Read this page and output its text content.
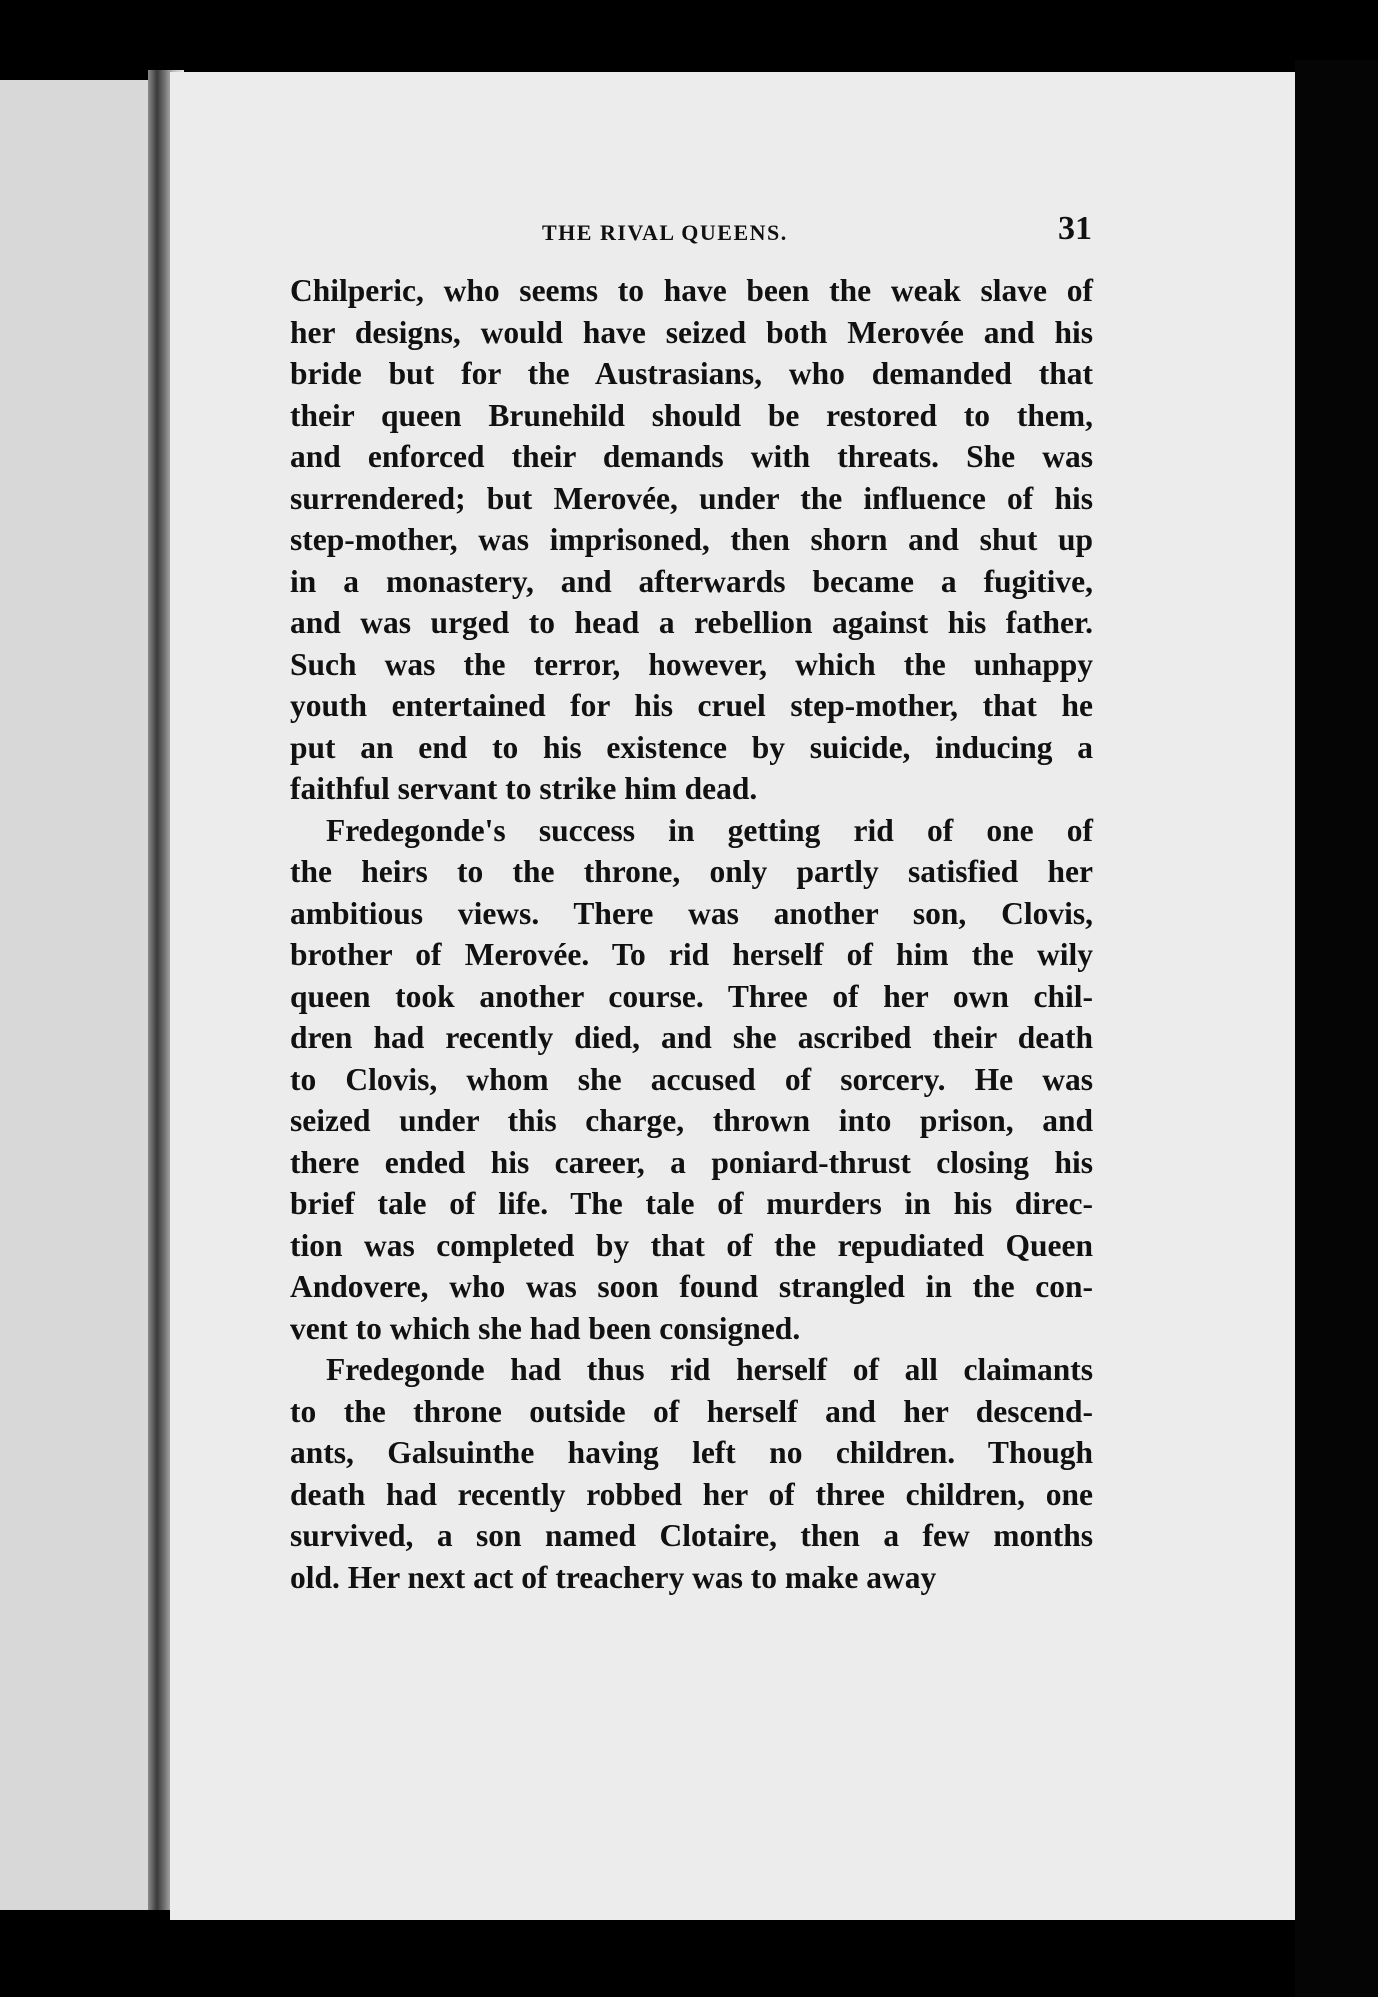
THE RIVAL QUEENS.	31
Chilperic, who seems to have been the weak slave of
her designs, would have seized both Merovée and his
bride but for the Austrasians, who demanded that
their queen Brunehild should be restored to them,
and enforced their demands with threats. She was
surrendered; but Merovée, under the influence of his
step-mother, was imprisoned, then shorn and shut up
in a monastery, and afterwards became a fugitive,
and was urged to head a rebellion against his father.
Such was the terror, however, which the unhappy
youth entertained for his cruel step-mother, that he
put an end to his existence by suicide, inducing a
faithful servant to strike him dead.
Fredegonde's success in getting rid of one of
the heirs to the throne, only partly satisfied her
ambitious views. There was another son, Clovis,
brother of Merovée. To rid herself of him the wily
queen took another course. Three of her own chil-
dren had recently died, and she ascribed their death
to Clovis, whom she accused of sorcery. He was
seized under this charge, thrown into prison, and
there ended his career, a poniard-thrust closing his
brief tale of life. The tale of murders in his direc-
tion was completed by that of the repudiated Queen
Andovere, who was soon found strangled in the con-
vent to which she had been consigned.
Fredegonde had thus rid herself of all claimants
to the throne outside of herself and her descend-
ants, Galsuinthe having left no children. Though
death had recently robbed her of three children, one
survived, a son named Clotaire, then a few months
old. Her next act of treachery was to make away
